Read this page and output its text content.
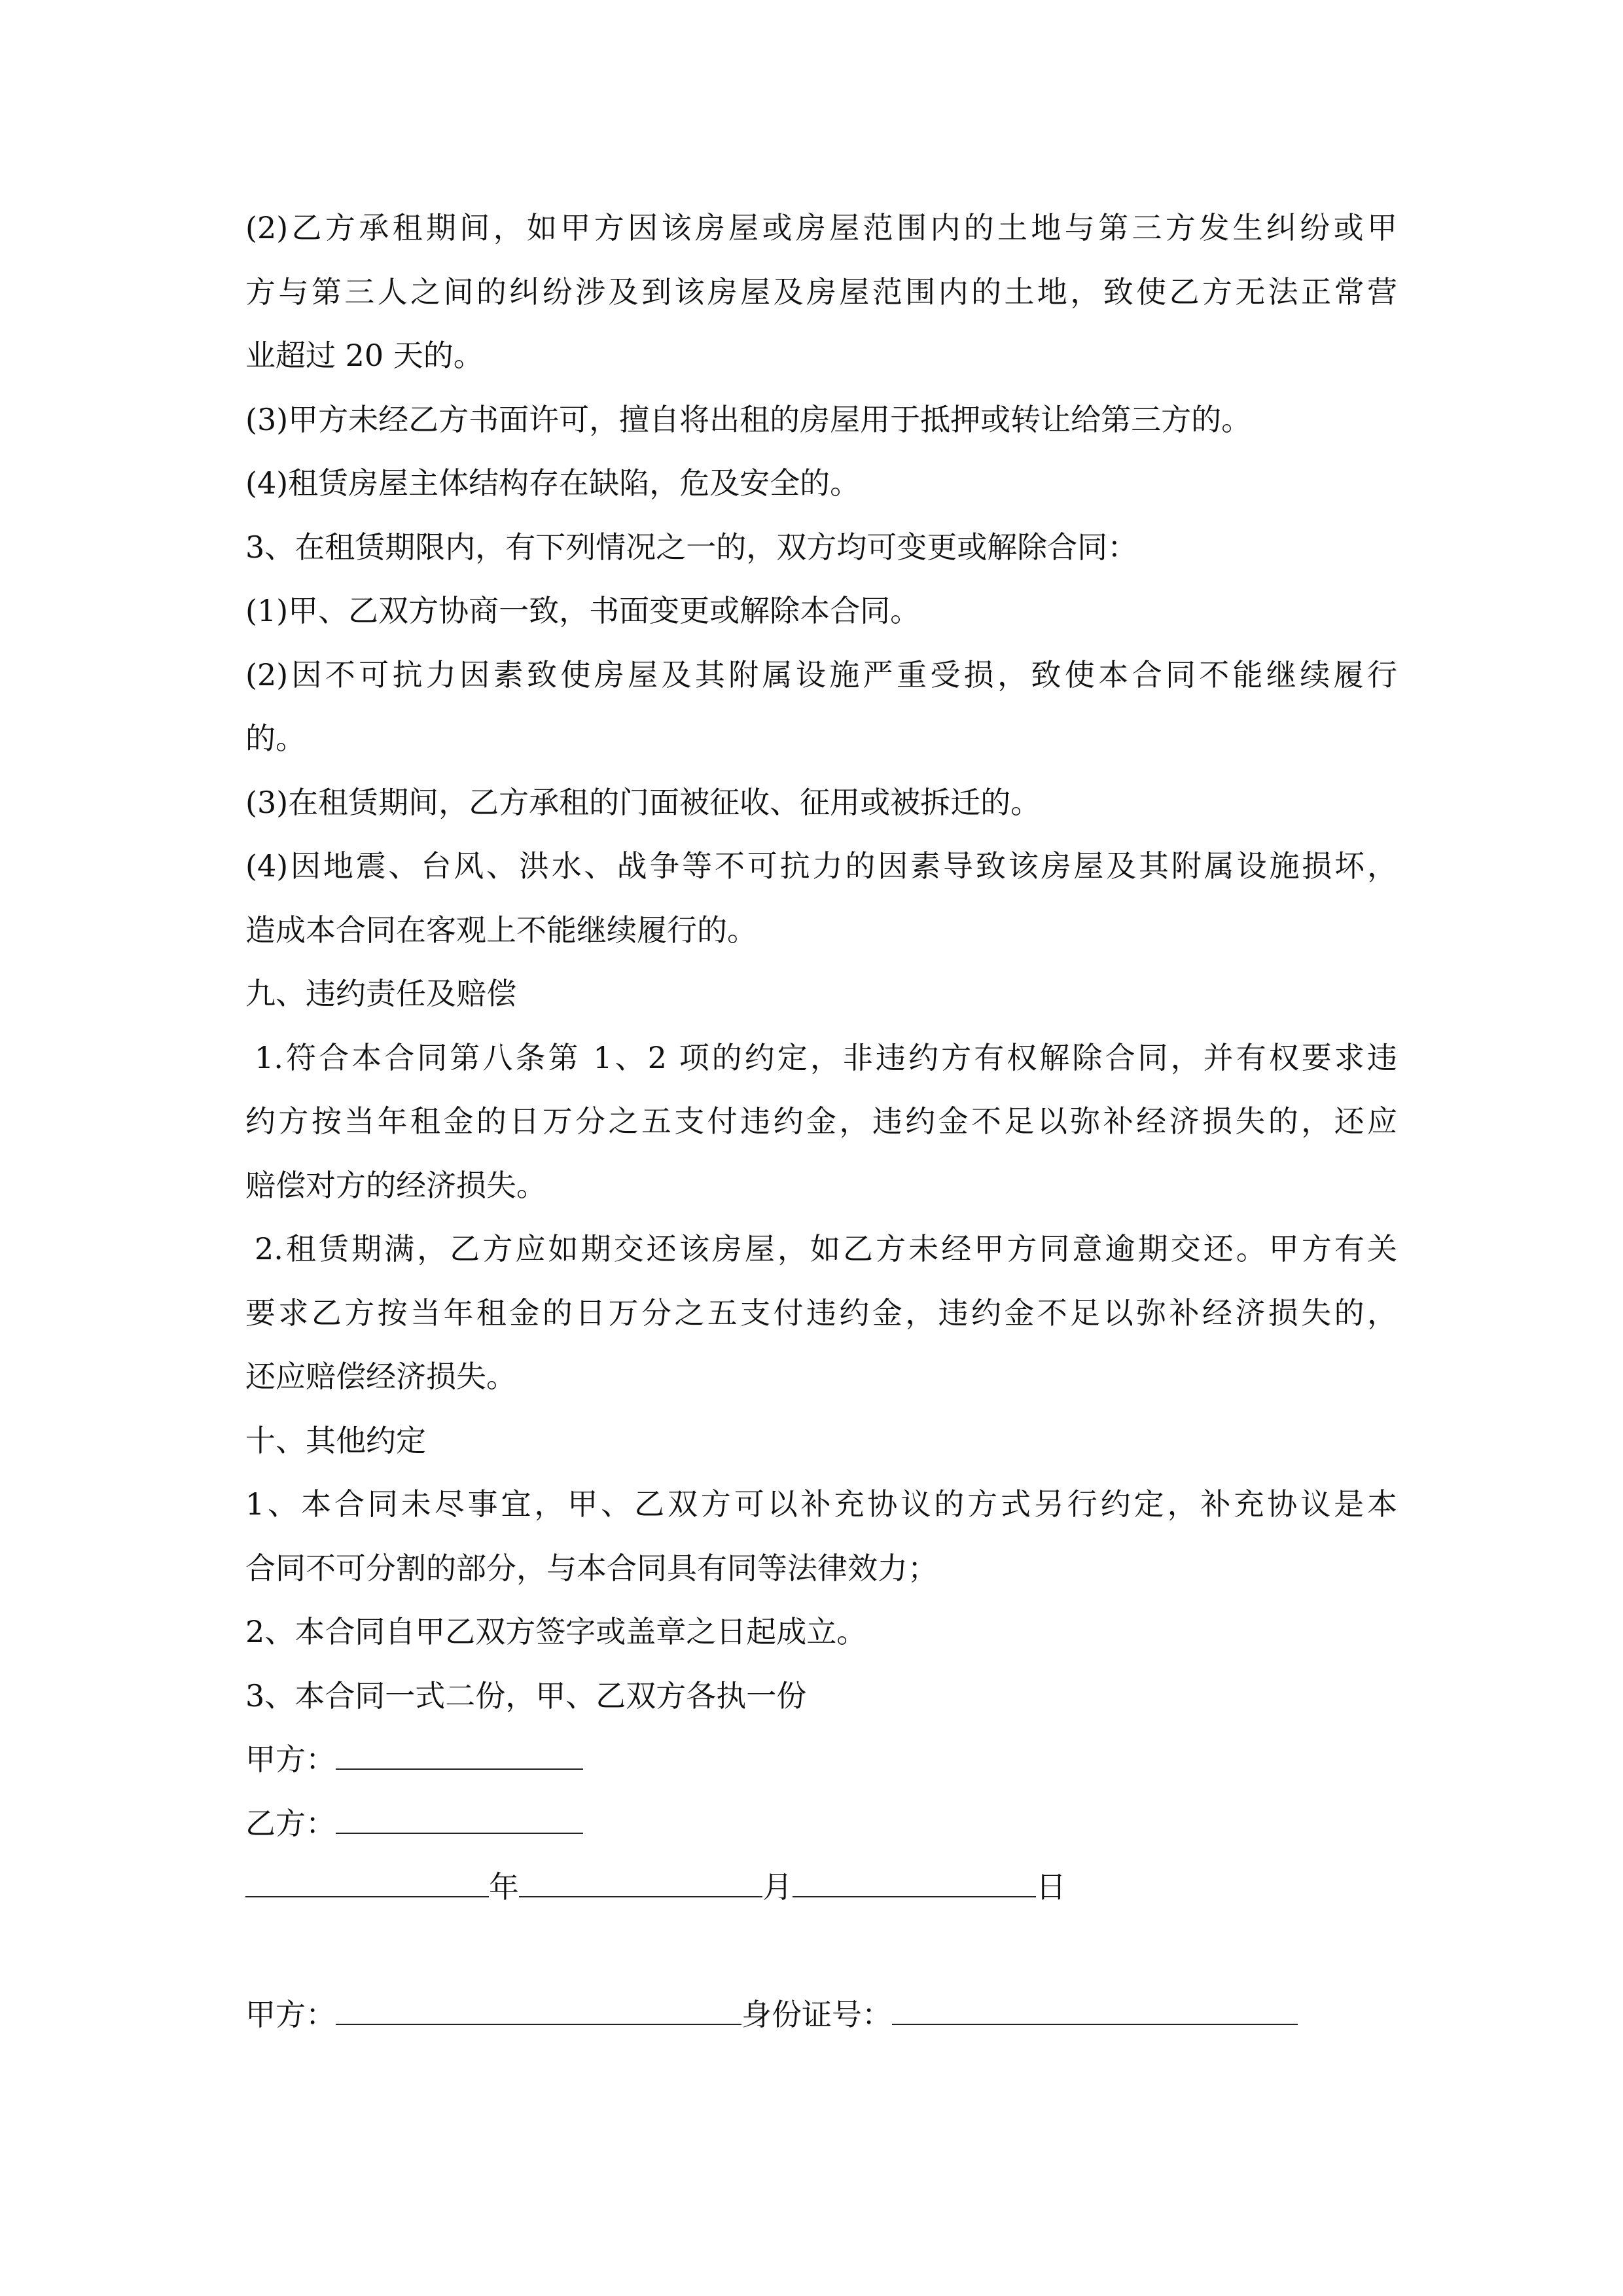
(2)乙方承租期间，如甲方因该房屋或房屋范围内的土地与第三方发生纠纷或甲
方与第三人之间的纠纷涉及到该房屋及房屋范围内的土地，致使乙方无法正常营
业超过 20 天的。
(3)甲方未经乙方书面许可，擅自将出租的房屋用于抵押或转让给第三方的。
(4)租赁房屋主体结构存在缺陷，危及安全的。
3、在租赁期限内，有下列情况之一的，双方均可变更或解除合同：
(1)甲、乙双方协商一致，书面变更或解除本合同。
(2)因不可抗力因素致使房屋及其附属设施严重受损，致使本合同不能继续履行
的。
(3)在租赁期间，乙方承租的门面被征收、征用或被拆迁的。
(4)因地震、台风、洪水、战争等不可抗力的因素导致该房屋及其附属设施损坏，
造成本合同在客观上不能继续履行的。
九、违约责任及赔偿
1.符合本合同第八条第 1、2 项的约定，非违约方有权解除合同，并有权要求违
约方按当年租金的日万分之五支付违约金，违约金不足以弥补经济损失的，还应
赔偿对方的经济损失。
2.租赁期满，乙方应如期交还该房屋，如乙方未经甲方同意逾期交还。甲方有关
要求乙方按当年租金的日万分之五支付违约金，违约金不足以弥补经济损失的，
还应赔偿经济损失。
十、其他约定
1、本合同未尽事宜，甲、乙双方可以补充协议的方式另行约定，补充协议是本
合同不可分割的部分，与本合同具有同等法律效力；
2、本合同自甲乙双方签字或盖章之日起成立。
3、本合同一式二份，甲、乙双方各执一份
甲方：
乙方：
年	月	日
甲方：	身份证号：
